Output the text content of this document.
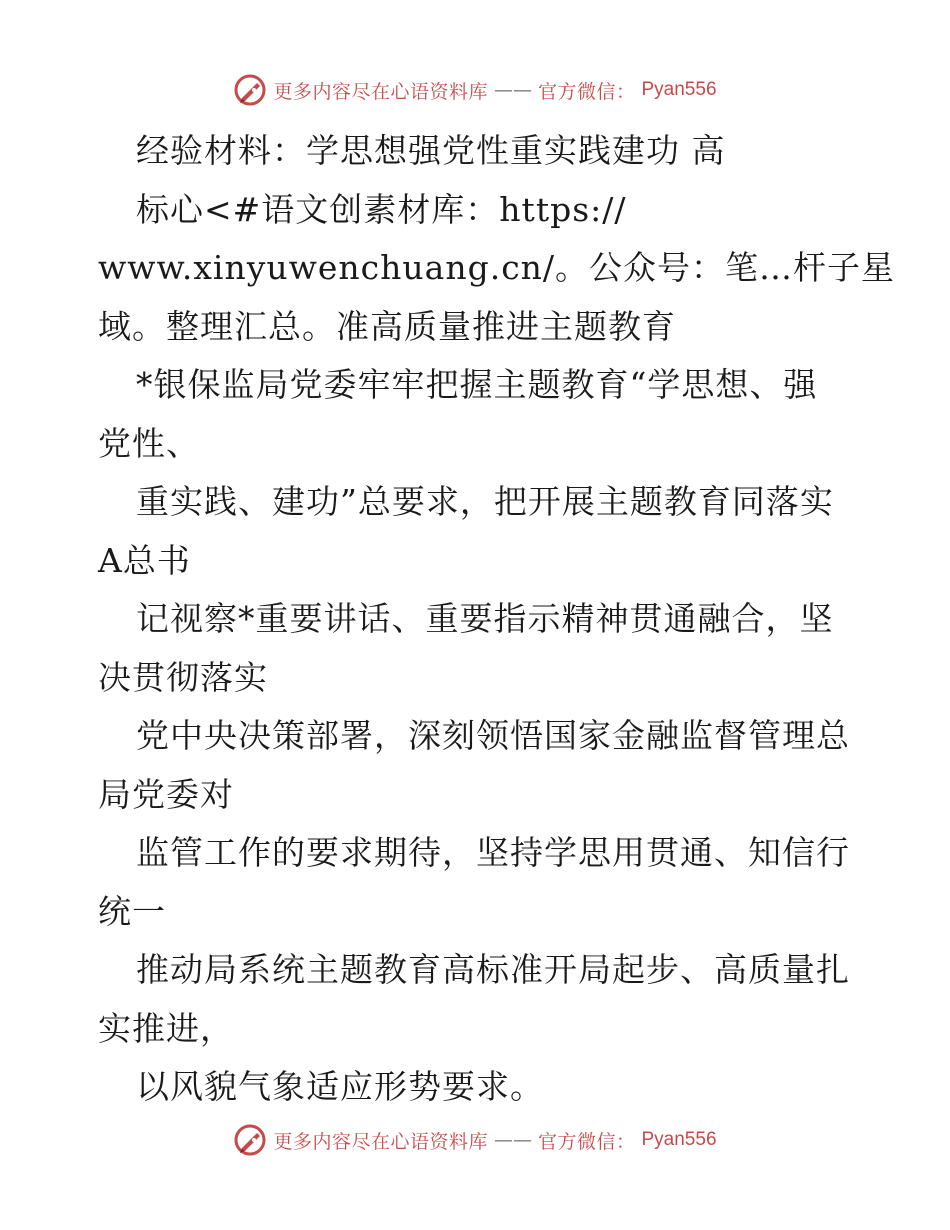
更多内容尽在心语资料库 —— 官方微信： Pyan556
经验材料：学思想强党性重实践建功 高
标心<#语文创素材库：https://
www.xinyuwenchuang.cn/。公众号：笔…杆子星
域。整理汇总。准高质量推进主题教育
*银保监局党委牢牢把握主题教育“学思想、强
党性、
重实践、建功”总要求，把开展主题教育同落实
A总书
记视察*重要讲话、重要指示精神贯通融合，坚
决贯彻落实
党中央决策部署，深刻领悟国家金融监督管理总
局党委对
监管工作的要求期待，坚持学思用贯通、知信行
统一
推动局系统主题教育高标准开局起步、高质量扎
实推进，
以风貌气象适应形势要求。
更多内容尽在心语资料库 —— 官方微信： Pyan556
